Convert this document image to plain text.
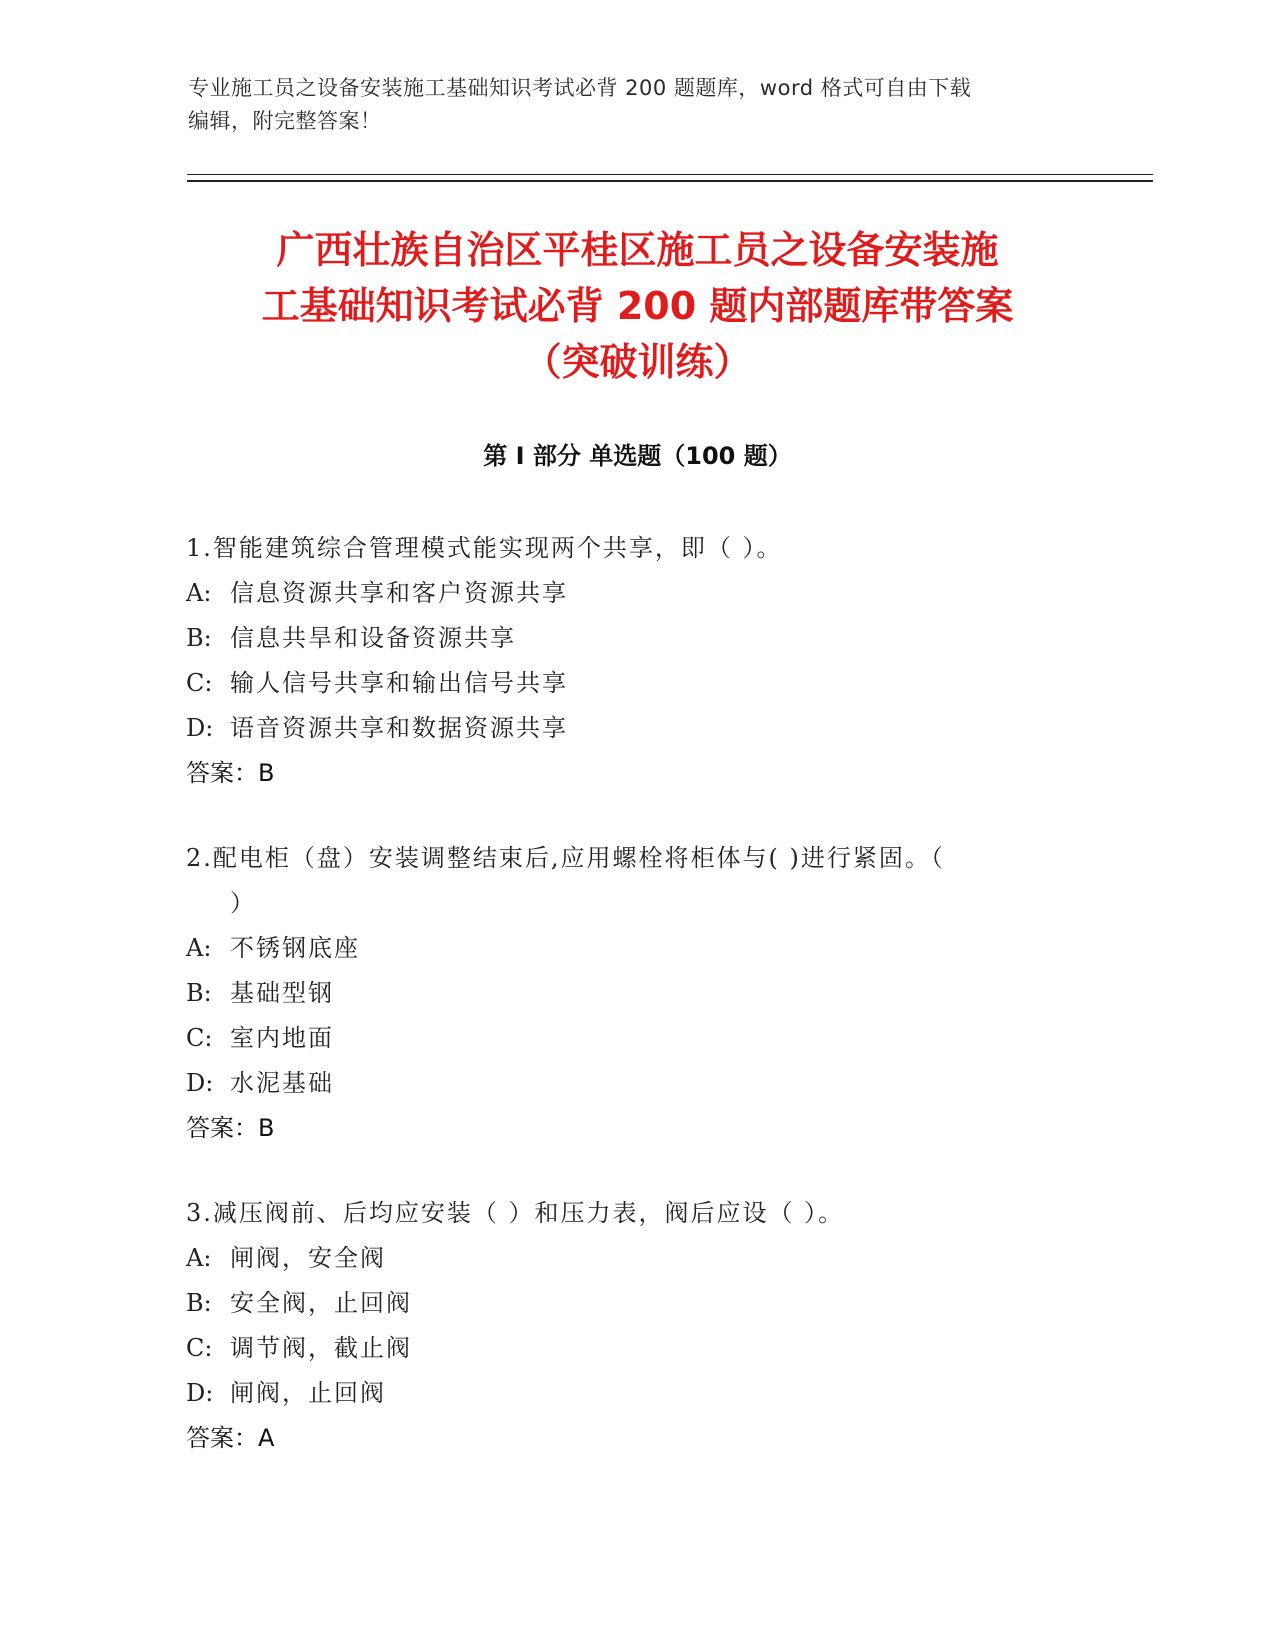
专业施工员之设备安装施工基础知识考试必背 200 题题库，word 格式可自由下载
编辑，附完整答案！
广西壮族自治区平桂区施工员之设备安装施
工基础知识考试必背 200 题内部题库带答案
（突破训练）
第 I 部分 单选题（100 题）
1.智能建筑综合管理模式能实现两个共享，即（ ）。
A: 信息资源共享和客户资源共享
B: 信息共旱和设备资源共享
C: 输人信号共享和输出信号共享
D: 语音资源共享和数据资源共享
答案：B
2.配电柜（盘）安装调整结束后,应用螺栓将柜体与( )进行紧固。（
）
A: 不锈钢底座
B: 基础型钢
C: 室内地面
D: 水泥基础
答案：B
3.减压阀前、后均应安装（ ）和压力表，阀后应设（ ）。
A: 闸阀，安全阀
B: 安全阀，止回阀
C: 调节阀，截止阀
D: 闸阀，止回阀
答案：A
